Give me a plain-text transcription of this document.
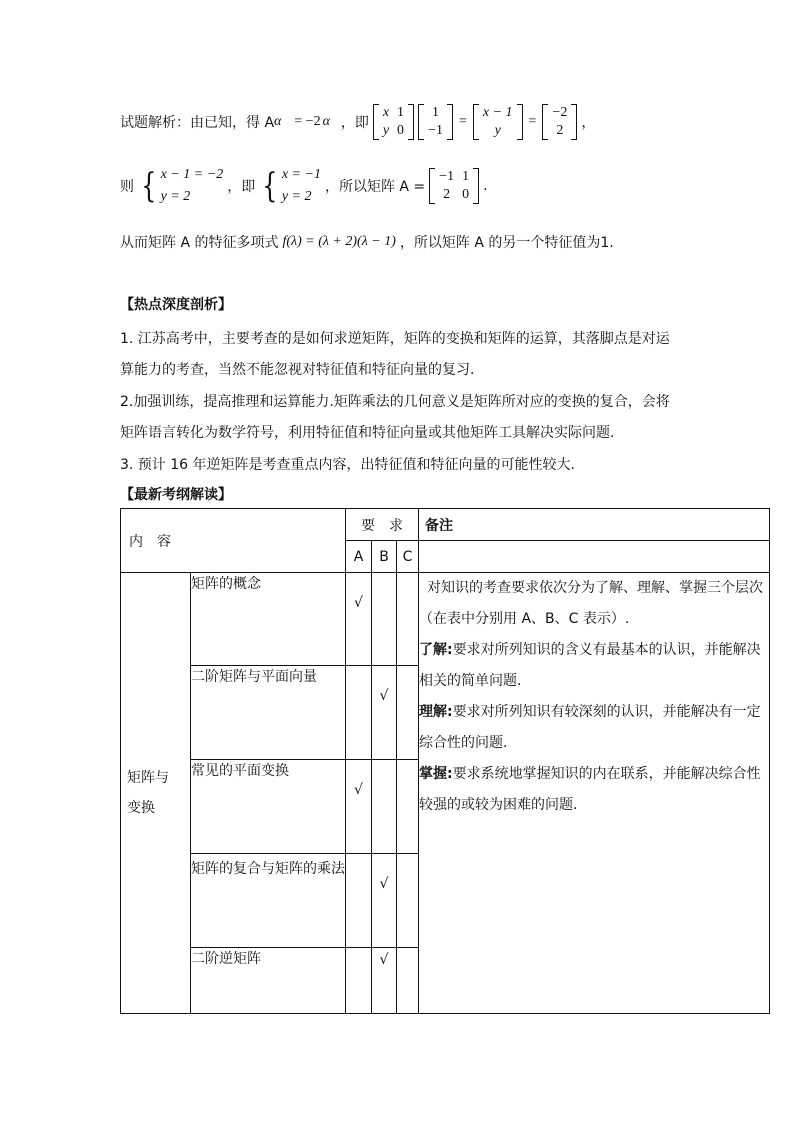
试题解析：由已知，得 A α⃗ = −2 α⃗ ，即
x	1
y	0
1
−1
=
x − 1
y
=
−2
2 ，
则 { x − 1 = −2
y = 2
，即 { x = −1
y = 2
，所以矩阵 A =
−1	1
2	0
.
从而矩阵 A 的特征多项式 f(λ) = (λ + 2)(λ − 1) ，所以矩阵 A 的另一个特征值为1.
【热点深度剖析】
1. 江苏高考中，主要考查的是如何求逆矩阵，矩阵的变换和矩阵的运算，其落脚点是对运
算能力的考查，当然不能忽视对特征值和特征向量的复习.
2.加强训练，提高推理和运算能力.矩阵乘法的几何意义是矩阵所对应的变换的复合，会将
矩阵语言转化为数学符号，利用特征值和特征向量或其他矩阵工具解决实际问题.
3. 预计 16 年逆矩阵是考查重点内容，出特征值和特征向量的可能性较大.
【最新考纲解读】
内　容		要　求			备注
		A	B	C	

矩阵与变换	矩阵的概念	√			对知识的考查要求依次分为了解、理解、掌握三个层次（在表中分别用 A、B、C 表示）.
了解:要求对所列知识的含义有最基本的认识，并能解决相关的简单问题.
理解:要求对所列知识有较深刻的认识，并能解决有一定综合性的问题.
掌握:要求系统地掌握知识的内在联系，并能解决综合性较强的或较为困难的问题.

	二阶矩阵与平面向量		√		

	常见的平面变换	√			

	矩阵的复合与矩阵的乘法		√		

	二阶逆矩阵		√		
